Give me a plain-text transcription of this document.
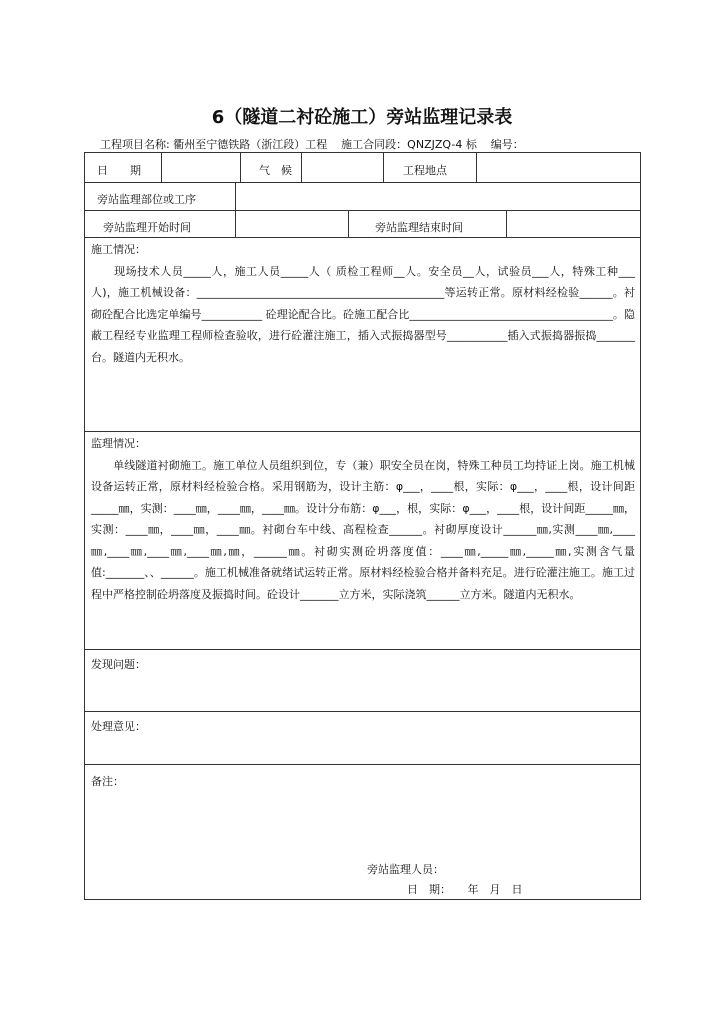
6（隧道二衬砼施工）旁站监理记录表
工程项目名称: 衢州至宁德铁路（浙江段）工程    施工合同段：QNZJZQ-4 标    编号：
日　　期	气　候	工程地点
旁站监理部位或工序
旁站监理开始时间	旁站监理结束时间

施工情况：

　　现场技术人员_____人，施工人员_____人（ 质检工程师__人。安全员__人，试验员___人，特殊工种___人)，施工机械设备：_____________________________________________等运转正常。原材料经检验______。衬砌砼配合比选定单编号___________ 砼理论配合比。砼施工配合比_____________________________________。隐蔽工程经专业监理工程师检查验收，进行砼灌注施工，插入式振捣器型号___________插入式振捣器振捣_______台。隧道内无积水。

监理情况：

　　单线隧道衬砌施工。施工单位人员组织到位，专（兼）职安全员在岗，特殊工种员工均持证上岗。施工机械设备运转正常，原材料经检验合格。采用钢筋为，设计主筋：φ___，____根，实际：φ___，____根，设计间距_____㎜，实测：____㎜，____㎜，____㎜。设计分布筋：φ___，根，实际：φ___，____根，设计间距_____㎜，实测：____㎜，____㎜，____㎜。衬砌台车中线、高程检查______。衬砌厚度设计______㎜,实测____㎜,____㎜,____㎜,____㎜,____㎜,㎜，______㎜。衬砌实测砼坍落度值：____㎜,_____㎜,_____㎜,实测含气量值:_______、、______。施工机械准备就绪试运转正常。原材料经检验合格并备料充足。进行砼灌注施工。施工过程中严格控制砼坍落度及振捣时间。砼设计_______立方米，实际浇筑______立方米。隧道内无积水。

发现问题：
处理意见：
备注：
旁站监理人员：
日　期：　　年　月　日
